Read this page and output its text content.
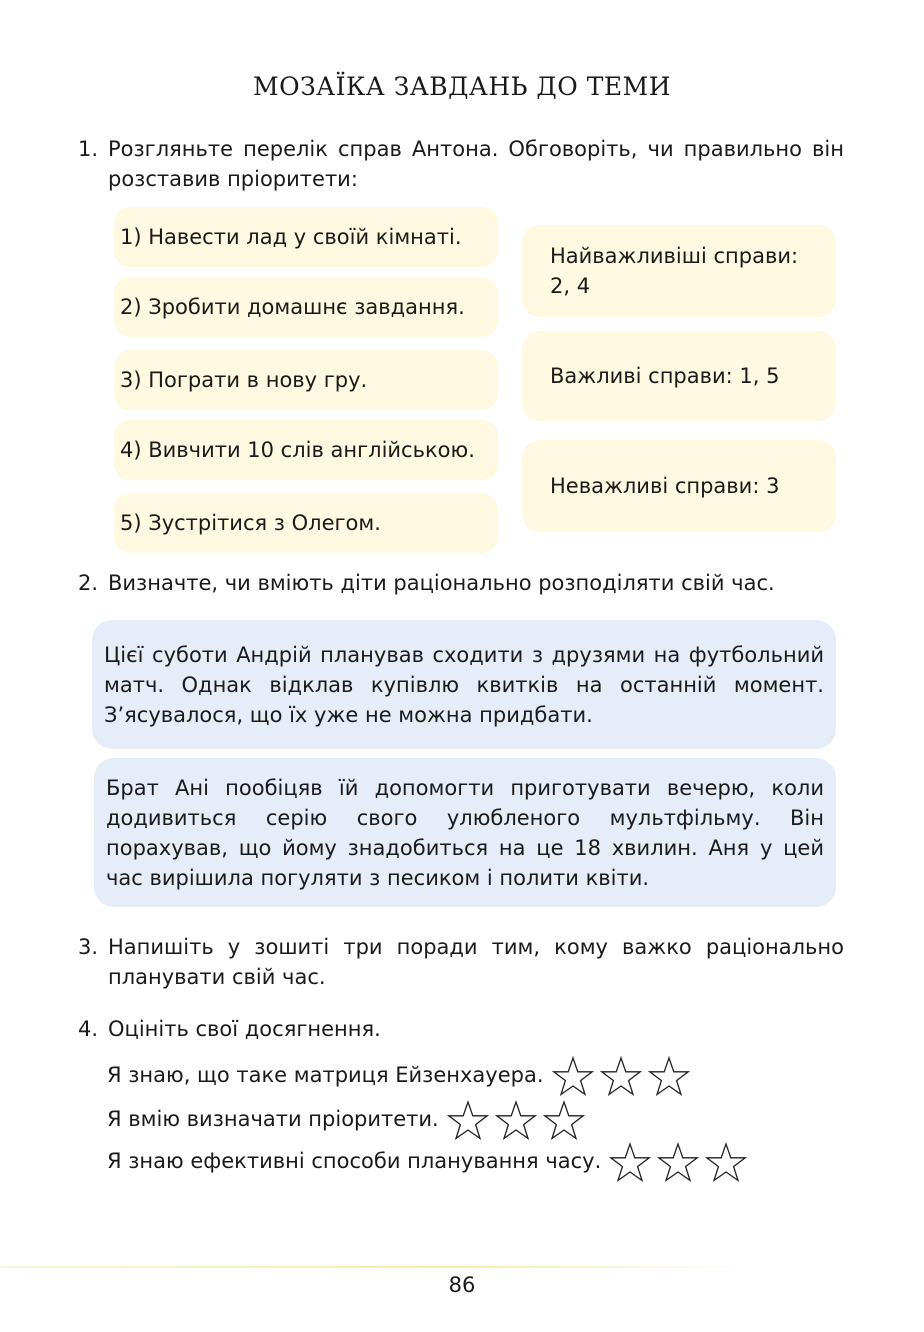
МОЗАЇКА ЗАВДАНЬ ДО ТЕМИ
1. Розгляньте перелік справ Антона. Обговоріть, чи правильно він розставив пріоритети:
1) Навести лад у своїй кімнаті.
2) Зробити домашнє завдання.
3) Пограти в нову гру.
4) Вивчити 10 слів англійською.
5) Зустрітися з Олегом.
Найважливіші справи: 2, 4
Важливі справи: 1, 5
Неважливі справи: 3
2. Визначте, чи вміють діти раціонально розподіляти свій час.
Цієї суботи Андрій планував сходити з друзями на футбольний матч. Однак відклав купівлю квитків на останній момент. З’ясувалося, що їх уже не можна придбати.
Брат Ані пообіцяв їй допомогти приготувати вечерю, коли додивиться серію свого улюбленого мультфільму. Він порахував, що йому знадобиться на це 18 хвилин. Аня у цей час вирішила погуляти з песиком і полити квіти.
3. Напишіть у зошиті три поради тим, кому важко раціонально планувати свій час.
4. Оцініть свої досягнення.
Я знаю, що таке матриця Ейзенхауера.
Я вмію визначати пріоритети.
Я знаю ефективні способи планування часу.
86
